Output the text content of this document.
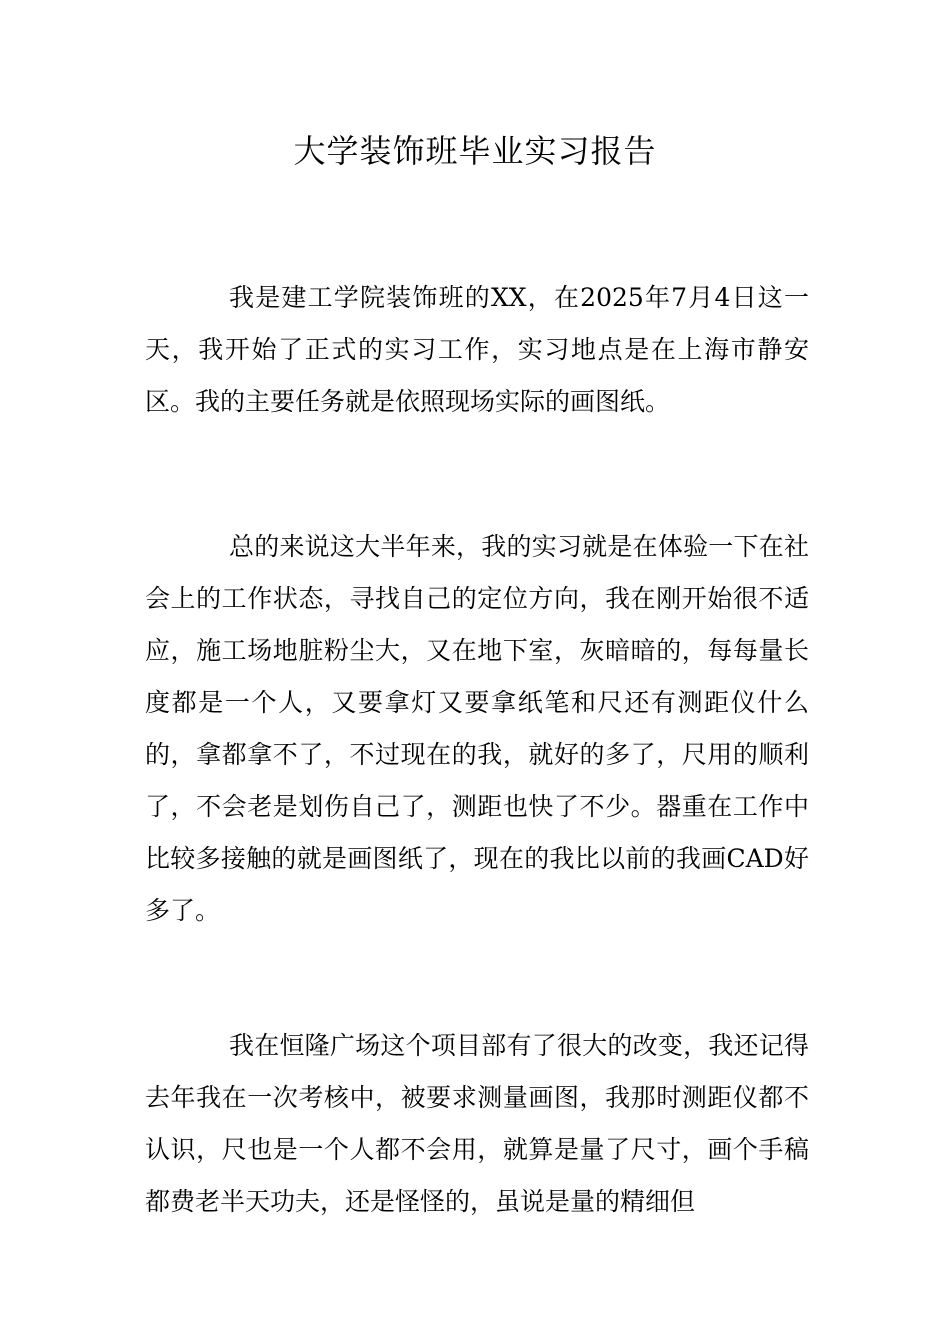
大学装饰班毕业实习报告

我是建工学院装饰班的XX，在2025年7月4日这一天，我开始了正式的实习工作，实习地点是在上海市静安区。我的主要任务就是依照现场实际的画图纸。

总的来说这大半年来，我的实习就是在体验一下在社会上的工作状态，寻找自己的定位方向，我在刚开始很不适应，施工场地脏粉尘大，又在地下室，灰暗暗的，每每量长度都是一个人，又要拿灯又要拿纸笔和尺还有测距仪什么的，拿都拿不了，不过现在的我，就好的多了，尺用的顺利了，不会老是划伤自己了，测距也快了不少。器重在工作中比较多接触的就是画图纸了，现在的我比以前的我画CAD好多了。

我在恒隆广场这个项目部有了很大的改变，我还记得去年我在一次考核中，被要求测量画图，我那时测距仪都不认识，尺也是一个人都不会用，就算是量了尺寸，画个手稿都费老半天功夫，还是怪怪的，虽说是量的精细但
